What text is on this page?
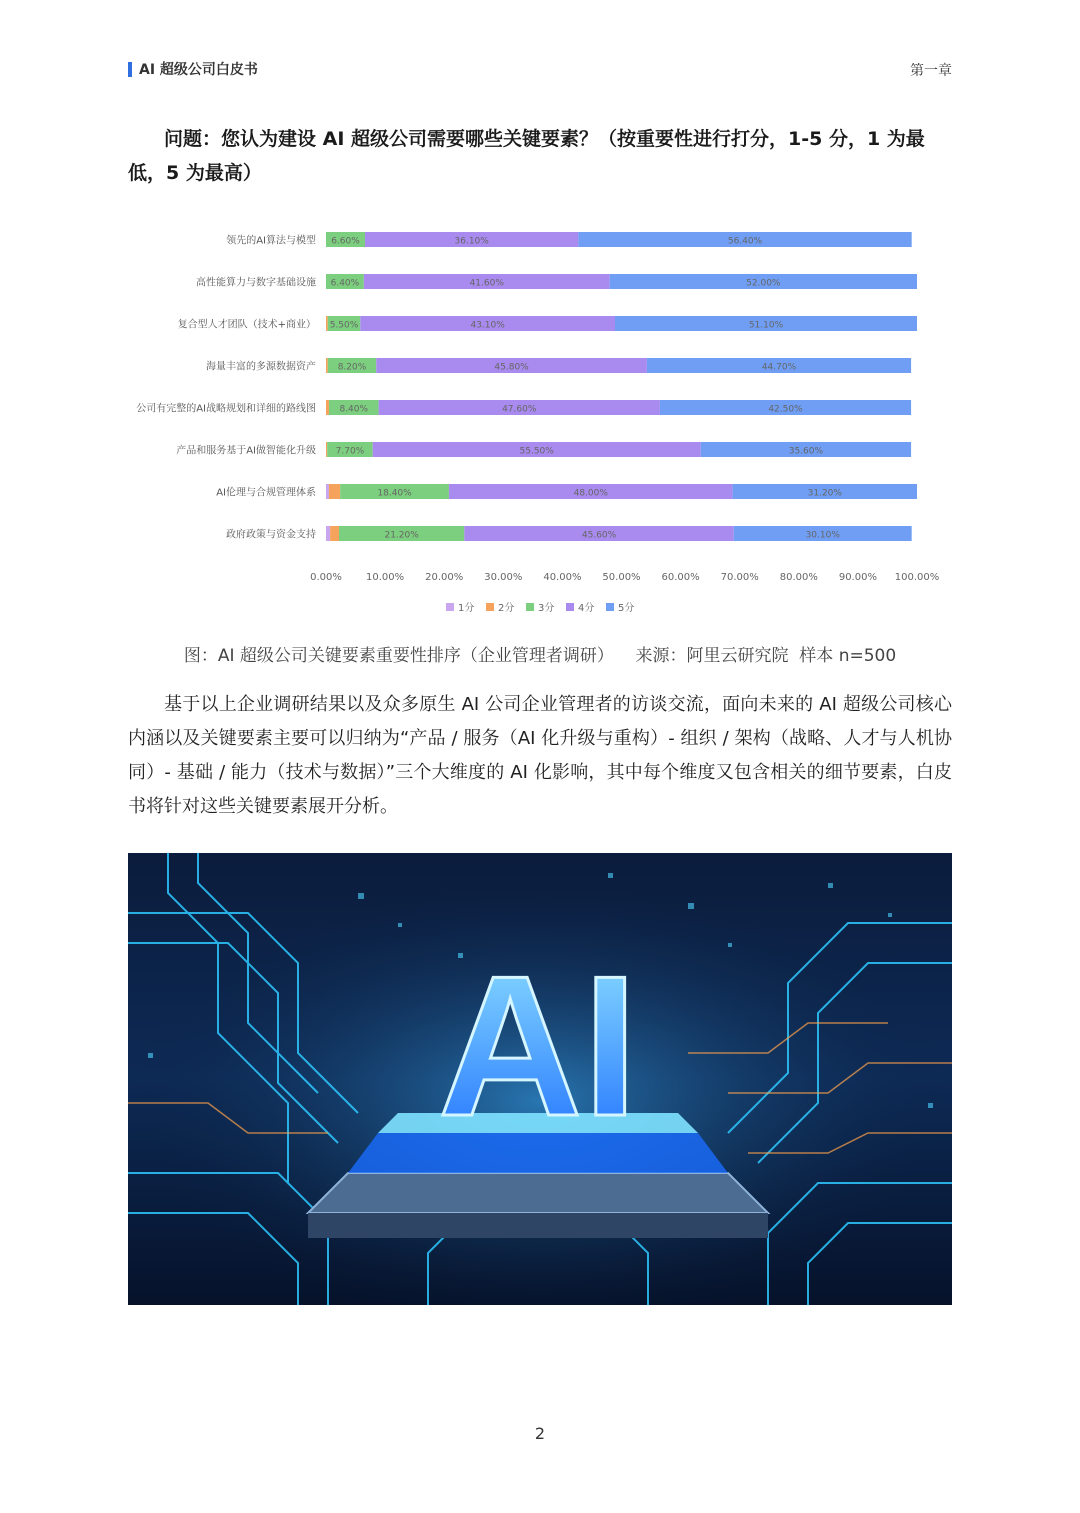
AI 超级公司白皮书	第一章
问题：您认为建设 AI 超级公司需要哪些关键要素？（按重要性进行打分，1-5 分，1 为最低，5 为最高）
领先的AI算法与模型 6.60%	36.10%	56.40%
高性能算力与数字基础设施 6.40%	41.60%	52.00%
复合型人才团队（技术+商业） 5.50%	43.10%	51.10%
海量丰富的多源数据资产 8.20%	45.80%	44.70%
公司有完整的AI战略规划和详细的路线图	8.40%	47.60%	42.50%
产品和服务基于AI做智能化升级 7.70%	55.50%	35.60%
AI伦理与合规管理体系	18.40%	48.00%	31.20%
政府政策与资金支持	21.20%	45.60%	30.10%
0.00% 10.00% 20.00% 30.00% 40.00% 50.00% 60.00% 70.00% 80.00% 90.00% 100.00%
1分 2分 3分 4分 5分
图：AI 超级公司关键要素重要性排序（企业管理者调研）    来源：阿里云研究院  样本 n=500
基于以上企业调研结果以及众多原生 AI 公司企业管理者的访谈交流，面向未来的 AI 超级公司核心内涵以及关键要素主要可以归纳为“产品 / 服务（AI 化升级与重构）- 组织 / 架构（战略、人才与人机协同）- 基础 / 能力（技术与数据）”三个大维度的 AI 化影响，其中每个维度又包含相关的细节要素，白皮书将针对这些关键要素展开分析。
AI
2
